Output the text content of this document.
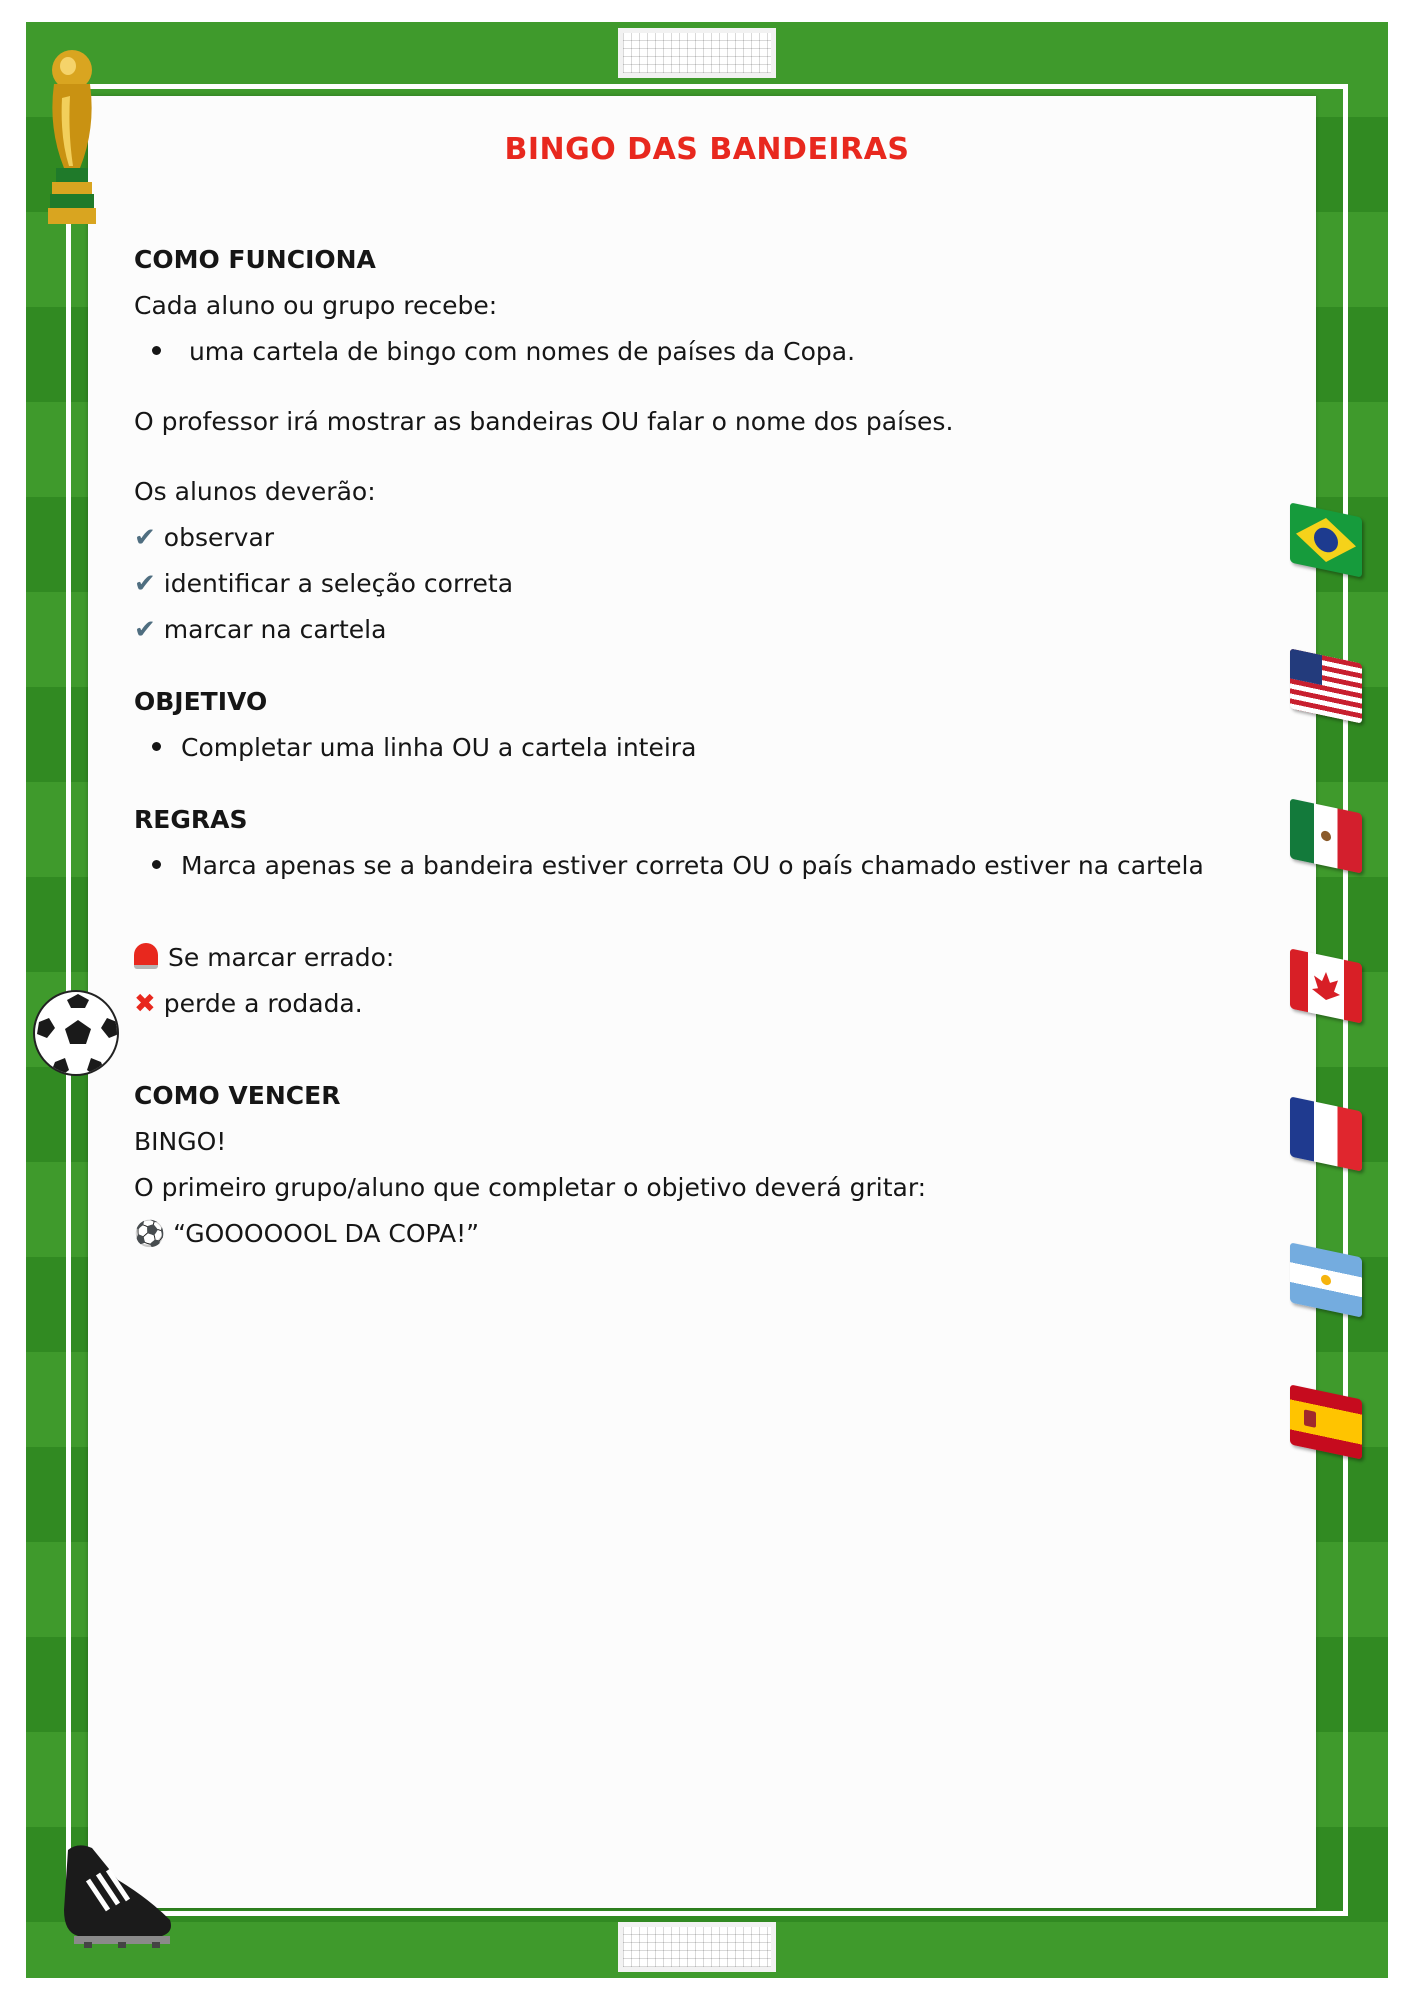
BINGO DAS BANDEIRAS
COMO FUNCIONA
Cada aluno ou grupo recebe:
uma cartela de bingo com nomes de países da Copa.
O professor irá mostrar as bandeiras OU falar o nome dos países.
Os alunos deverão:
✔ observar
✔ identificar a seleção correta
✔ marcar na cartela
OBJETIVO
Completar uma linha OU a cartela inteira
REGRAS
Marca apenas se a bandeira estiver correta OU o país chamado estiver na cartela
Se marcar errado:
✖ perde a rodada.
COMO VENCER
BINGO!
O primeiro grupo/aluno que completar o objetivo deverá gritar:
⚽ “GOOOOOOL DA COPA!”
